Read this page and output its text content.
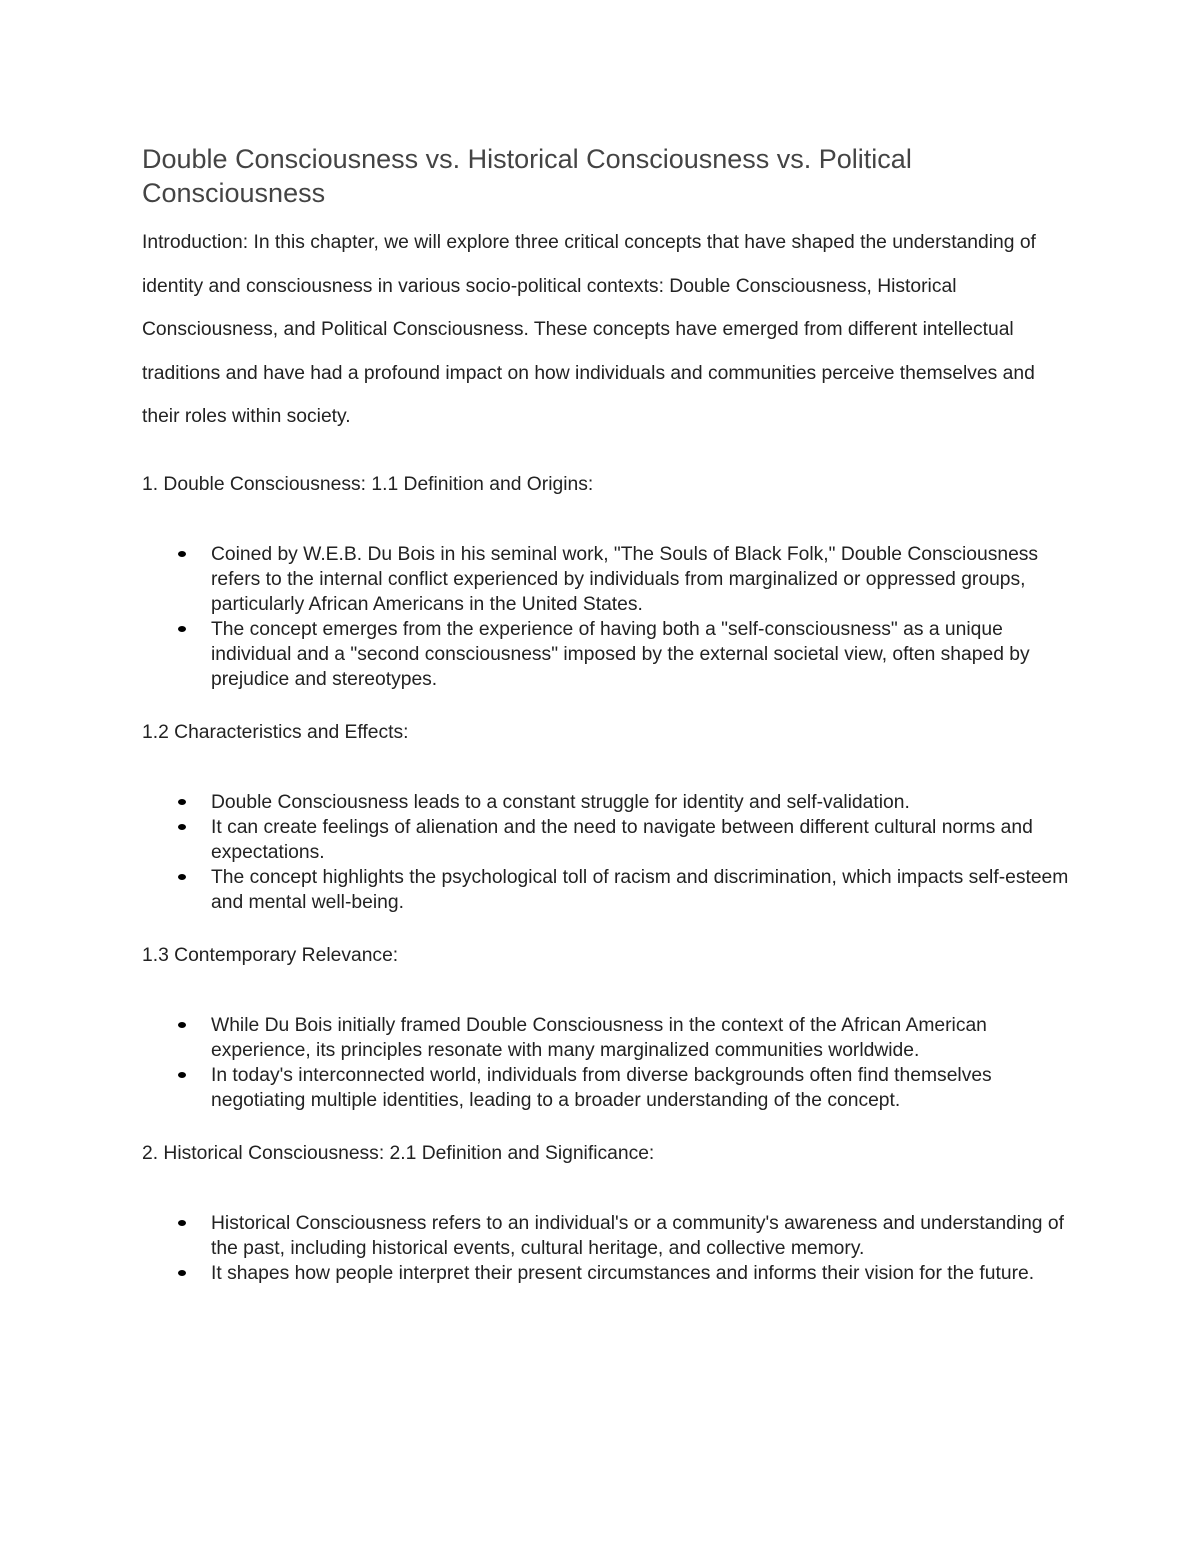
Double Consciousness vs. Historical Consciousness vs. Political Consciousness

Introduction: In this chapter, we will explore three critical concepts that have shaped the understanding of identity and consciousness in various socio-political contexts: Double Consciousness, Historical Consciousness, and Political Consciousness. These concepts have emerged from different intellectual traditions and have had a profound impact on how individuals and communities perceive themselves and their roles within society.

1. Double Consciousness: 1.1 Definition and Origins:

Coined by W.E.B. Du Bois in his seminal work, "The Souls of Black Folk," Double Consciousness refers to the internal conflict experienced by individuals from marginalized or oppressed groups, particularly African Americans in the United States.
The concept emerges from the experience of having both a "self-consciousness" as a unique individual and a "second consciousness" imposed by the external societal view, often shaped by prejudice and stereotypes.

1.2 Characteristics and Effects:

Double Consciousness leads to a constant struggle for identity and self-validation.
It can create feelings of alienation and the need to navigate between different cultural norms and expectations.
The concept highlights the psychological toll of racism and discrimination, which impacts self-esteem and mental well-being.

1.3 Contemporary Relevance:

While Du Bois initially framed Double Consciousness in the context of the African American experience, its principles resonate with many marginalized communities worldwide.
In today's interconnected world, individuals from diverse backgrounds often find themselves negotiating multiple identities, leading to a broader understanding of the concept.

2. Historical Consciousness: 2.1 Definition and Significance:

Historical Consciousness refers to an individual's or a community's awareness and understanding of the past, including historical events, cultural heritage, and collective memory.
It shapes how people interpret their present circumstances and informs their vision for the future.
